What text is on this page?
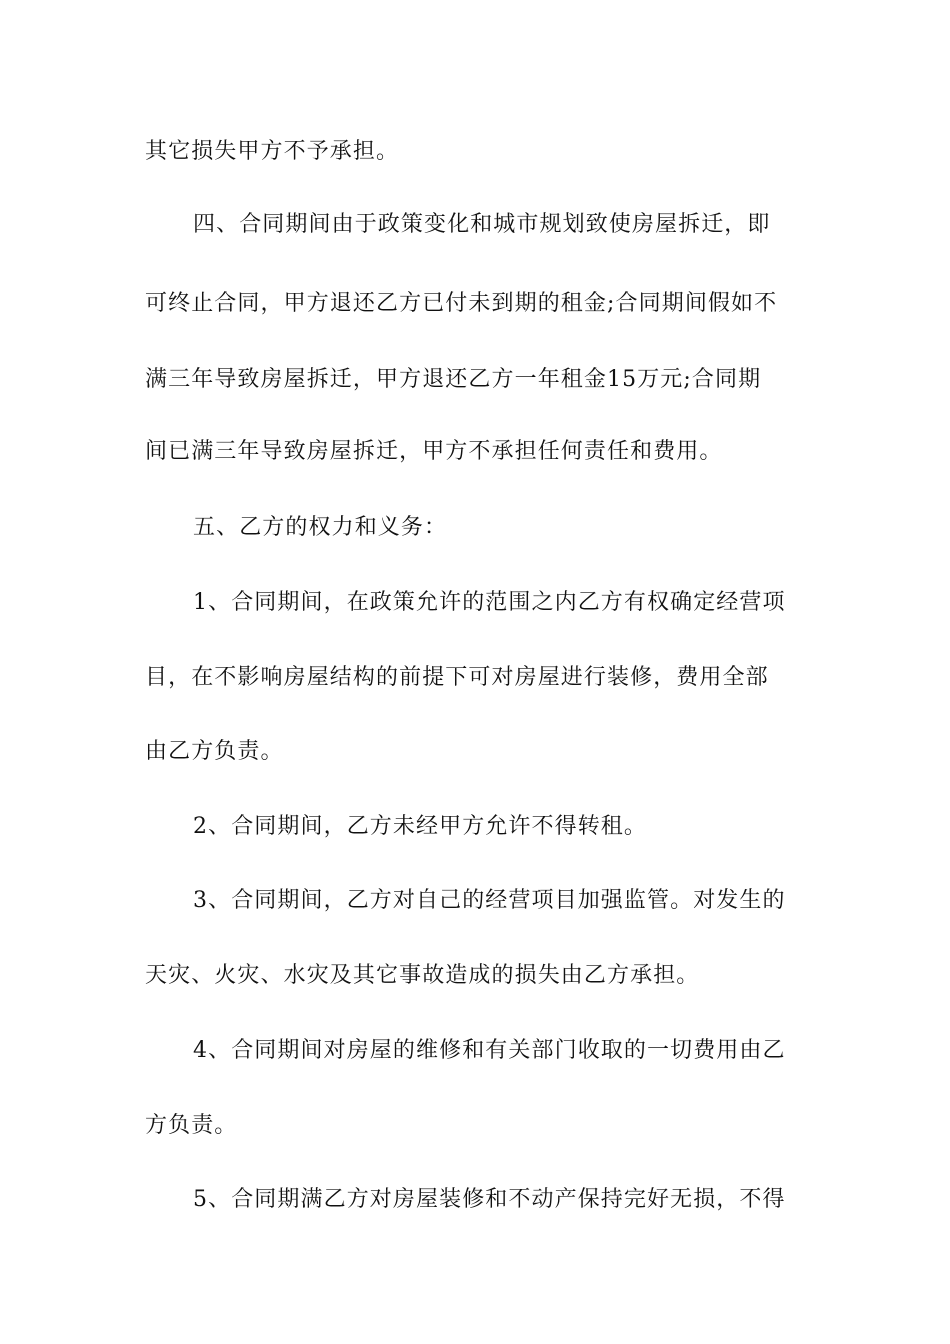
其它损失甲方不予承担。
四、合同期间由于政策变化和城市规划致使房屋拆迁，即
可终止合同，甲方退还乙方已付未到期的租金;合同期间假如不
满三年导致房屋拆迁，甲方退还乙方一年租金15万元;合同期
间已满三年导致房屋拆迁，甲方不承担任何责任和费用。
五、乙方的权力和义务：
1、合同期间，在政策允许的范围之内乙方有权确定经营项
目，在不影响房屋结构的前提下可对房屋进行装修，费用全部
由乙方负责。
2、合同期间，乙方未经甲方允许不得转租。
3、合同期间，乙方对自己的经营项目加强监管。对发生的
天灾、火灾、水灾及其它事故造成的损失由乙方承担。
4、合同期间对房屋的维修和有关部门收取的一切费用由乙
方负责。
5、合同期满乙方对房屋装修和不动产保持完好无损，不得
